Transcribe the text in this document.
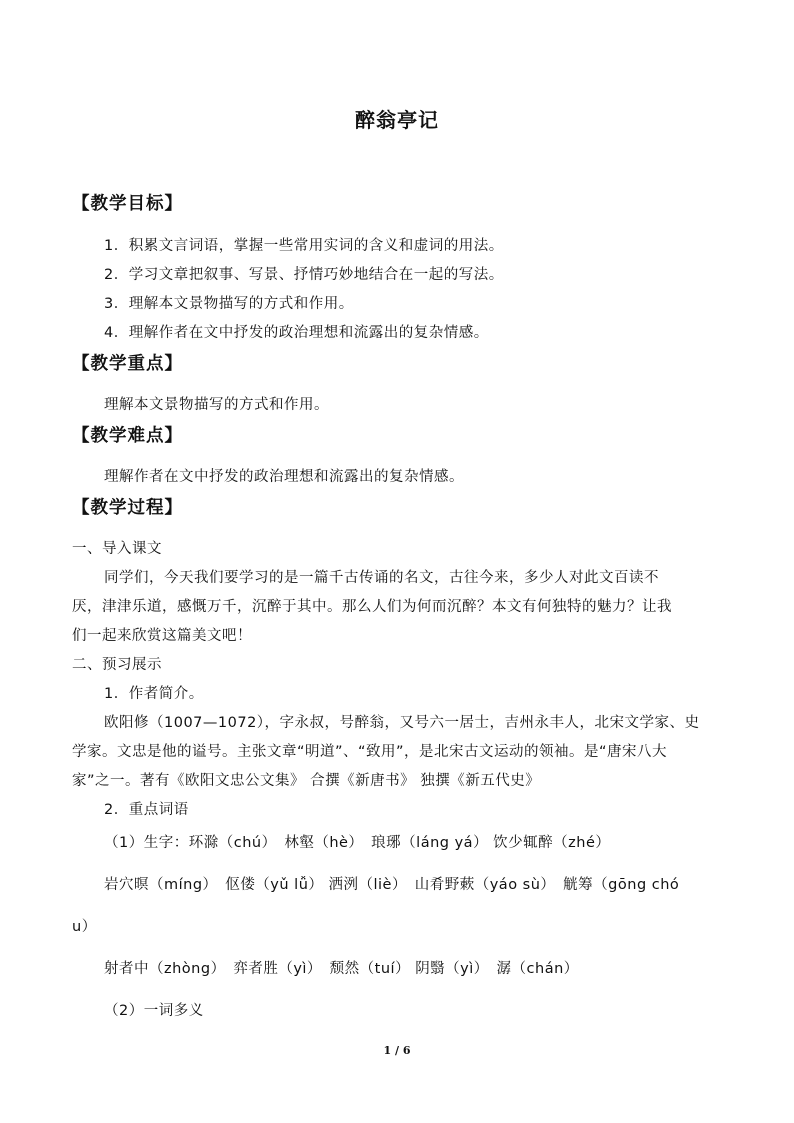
醉翁亭记
【教学目标】
1．积累文言词语，掌握一些常用实词的含义和虚词的用法。
2．学习文章把叙事、写景、抒情巧妙地结合在一起的写法。
3．理解本文景物描写的方式和作用。
4．理解作者在文中抒发的政治理想和流露出的复杂情感。
【教学重点】
理解本文景物描写的方式和作用。
【教学难点】
理解作者在文中抒发的政治理想和流露出的复杂情感。
【教学过程】
一、导入课文
同学们，今天我们要学习的是一篇千古传诵的名文，古往今来，多少人对此文百读不
厌，津津乐道，感慨万千，沉醉于其中。那么人们为何而沉醉？本文有何独特的魅力？让我
们一起来欣赏这篇美文吧！
二、预习展示
1．作者简介。
欧阳修（1007—1072），字永叔，号醉翁，又号六一居士，吉州永丰人，北宋文学家、史
学家。文忠是他的谥号。主张文章“明道”、“致用”，是北宋古文运动的领袖。是“唐宋八大
家”之一。著有《欧阳文忠公文集》 合撰《新唐书》 独撰《新五代史》
2．重点词语
（1）生字：环滁（chú）　林壑（hè）　琅琊（láng yá） 饮少辄醉（zhé）
岩穴暝（míng）　伛偻（yǔ lǚ） 洒洌（liè）　山肴野蔌（yáo sù）　觥筹（gōng chó
u）
射者中（zhòng）　弈者胜（yì）　颓然（tuí） 阴翳（yì）　潺（chán）
（2）一词多义
1 / 6
